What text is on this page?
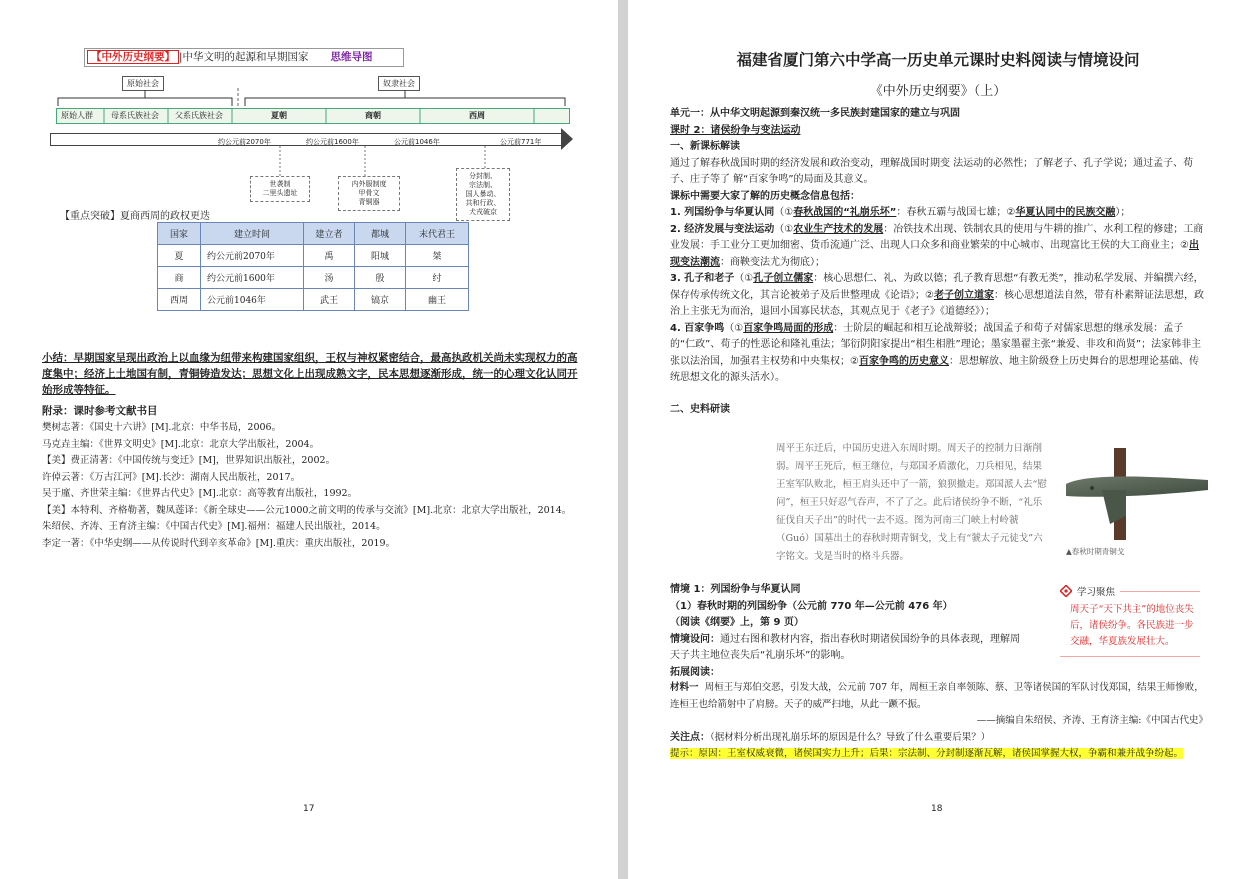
【中外历史纲要】 |中华文明的起源和早期国家 思维导图
原始社会	奴隶社会
原始人群 母系氏族社会 父系氏族社会	夏朝	商朝	西周
约公元前2070年	约公元前1600年	公元前1046年	公元前771年
世袭制
二里头遗址
内外服制度
甲骨文
青铜器
分封制、
宗法制、
国人暴动、
共和行政、
犬戎破京
【重点突破】夏商西周的政权更迭
国家	建立时间	建立者	都城	末代君王
夏	约公元前2070年	禹	阳城	桀
商	约公元前1600年	汤	殷	纣
西周	公元前1046年	武王	镐京	幽王
小结：早期国家呈现出政治上以血缘为纽带来构建国家组织，王权与神权紧密结合，最高执政机关尚未实现权力的高度集中；经济上土地国有制，青铜铸造发达；思想文化上出现成熟文字，民本思想逐渐形成，统一的心理文化认同开始形成等特征。
附录：课时参考文献书目
樊树志著：《国史十六讲》[M].北京：中华书局，2006。
马克垚主编：《世界文明史》[M].北京：北京大学出版社，2004。
【美】费正清著：《中国传统与变迁》[M]，世界知识出版社，2002。
许倬云著：《万古江河》[M].长沙：湖南人民出版社，2017。
吴于廑、齐世荣主编：《世界古代史》[M].北京：高等教育出版社，1992。
【美】本特利、齐格勒著，魏凤莲译：《新全球史——公元1000之前文明的传承与交流》[M].北京：北京大学出版社，2014。
朱绍侯、齐涛、王育济主编：《中国古代史》[M].福州：福建人民出版社，2014。
李定一著：《中华史纲——从传说时代到辛亥革命》[M].重庆：重庆出版社，2019。
17
福建省厦门第六中学高一历史单元课时史料阅读与情境设问
《中外历史纲要》（上）
单元一：从中华文明起源到秦汉统一多民族封建国家的建立与巩固
课时 2：诸侯纷争与变法运动
一、新课标解读
通过了解春秋战国时期的经济发展和政治变动，理解战国时期变 法运动的必然性；了解老子、孔子学说；通过孟子、荀子、庄子等了 解“百家争鸣”的局面及其意义。
课标中需要大家了解的历史概念信息包括：
1. 列国纷争与华夏认同（①春秋战国的“礼崩乐坏”：春秋五霸与战国七雄；②华夏认同中的民族交融）；
2. 经济发展与变法运动（①农业生产技术的发展：冶铁技术出现、铁制农具的使用与牛耕的推广、水利工程的修建；工商业发展：手工业分工更加细密、货币流通广泛、出现人口众多和商业繁荣的中心城市、出现富比王侯的大工商业主；②出现变法潮流：商鞅变法尤为彻底）；
3. 孔子和老子（①孔子创立儒家：核心思想仁、礼、为政以德；孔子教育思想“有教无类”，推动私学发展、并编撰六经，保存传承传统文化，其言论被弟子及后世整理成《论语》；②老子创立道家：核心思想道法自然，带有朴素辩证法思想，政治上主张无为而治，退回小国寡民状态，其观点见于《老子》《道德经》）；
4. 百家争鸣（①百家争鸣局面的形成：士阶层的崛起和相互论战辩驳；战国孟子和荀子对儒家思想的继承发展：孟子的“仁政”、荀子的性恶论和隆礼重法；邹衍阴阳家提出“相生相胜”理论；墨家墨翟主张“兼爱、非攻和尚贤”；法家韩非主张以法治国，加强君主权势和中央集权；②百家争鸣的历史意义：思想解放、地主阶级登上历史舞台的思想理论基础、传统思想文化的源头活水）。
二、史料研读
周平王东迁后，中国历史进入东周时期。周天子的控制力日渐削弱。周平王死后，桓王继位，与郑国矛盾激化，刀兵相见，结果王室军队败北，桓王肩头还中了一箭，狼狈撤走。郑国派人去“慰问”，桓王只好忍气吞声，不了了之。此后诸侯纷争不断，“礼乐征伐自天子出”的时代一去不返。图为河南三门峡上村岭虢（Guó）国墓出土的春秋时期青铜戈，戈上有“虢太子元徒戈”六字铭文。戈是当时的格斗兵器。	▲春秋时期青铜戈
学习聚焦
周天子“天下共主”的地位丧失后，诸侯纷争。各民族进一步交融，华夏族发展壮大。
情境 1：列国纷争与华夏认同
（1）春秋时期的列国纷争（公元前 770 年—公元前 476 年）
（阅读《纲要》上，第 9 页）
情境设问：通过右图和教材内容，指出春秋时期诸侯国纷争的具体表现，理解周天子共主地位丧失后“礼崩乐坏”的影响。
拓展阅读：
材料一 周桓王与郑伯交恶，引发大战，公元前 707 年，周桓王亲自率领陈、蔡、卫等诸侯国的军队讨伐郑国，结果王师惨败，连桓王也给箭射中了肩膀。天子的威严扫地，从此一蹶不振。
——摘编自朱绍侯、齐涛、王育济主编:《中国古代史》
关注点：（据材料分析出现礼崩乐坏的原因是什么？导致了什么重要后果？）
提示：原因：王室权威衰微，诸侯国实力上升；后果：宗法制、分封制逐渐瓦解，诸侯国掌握大权，争霸和兼并战争纷起。
18
